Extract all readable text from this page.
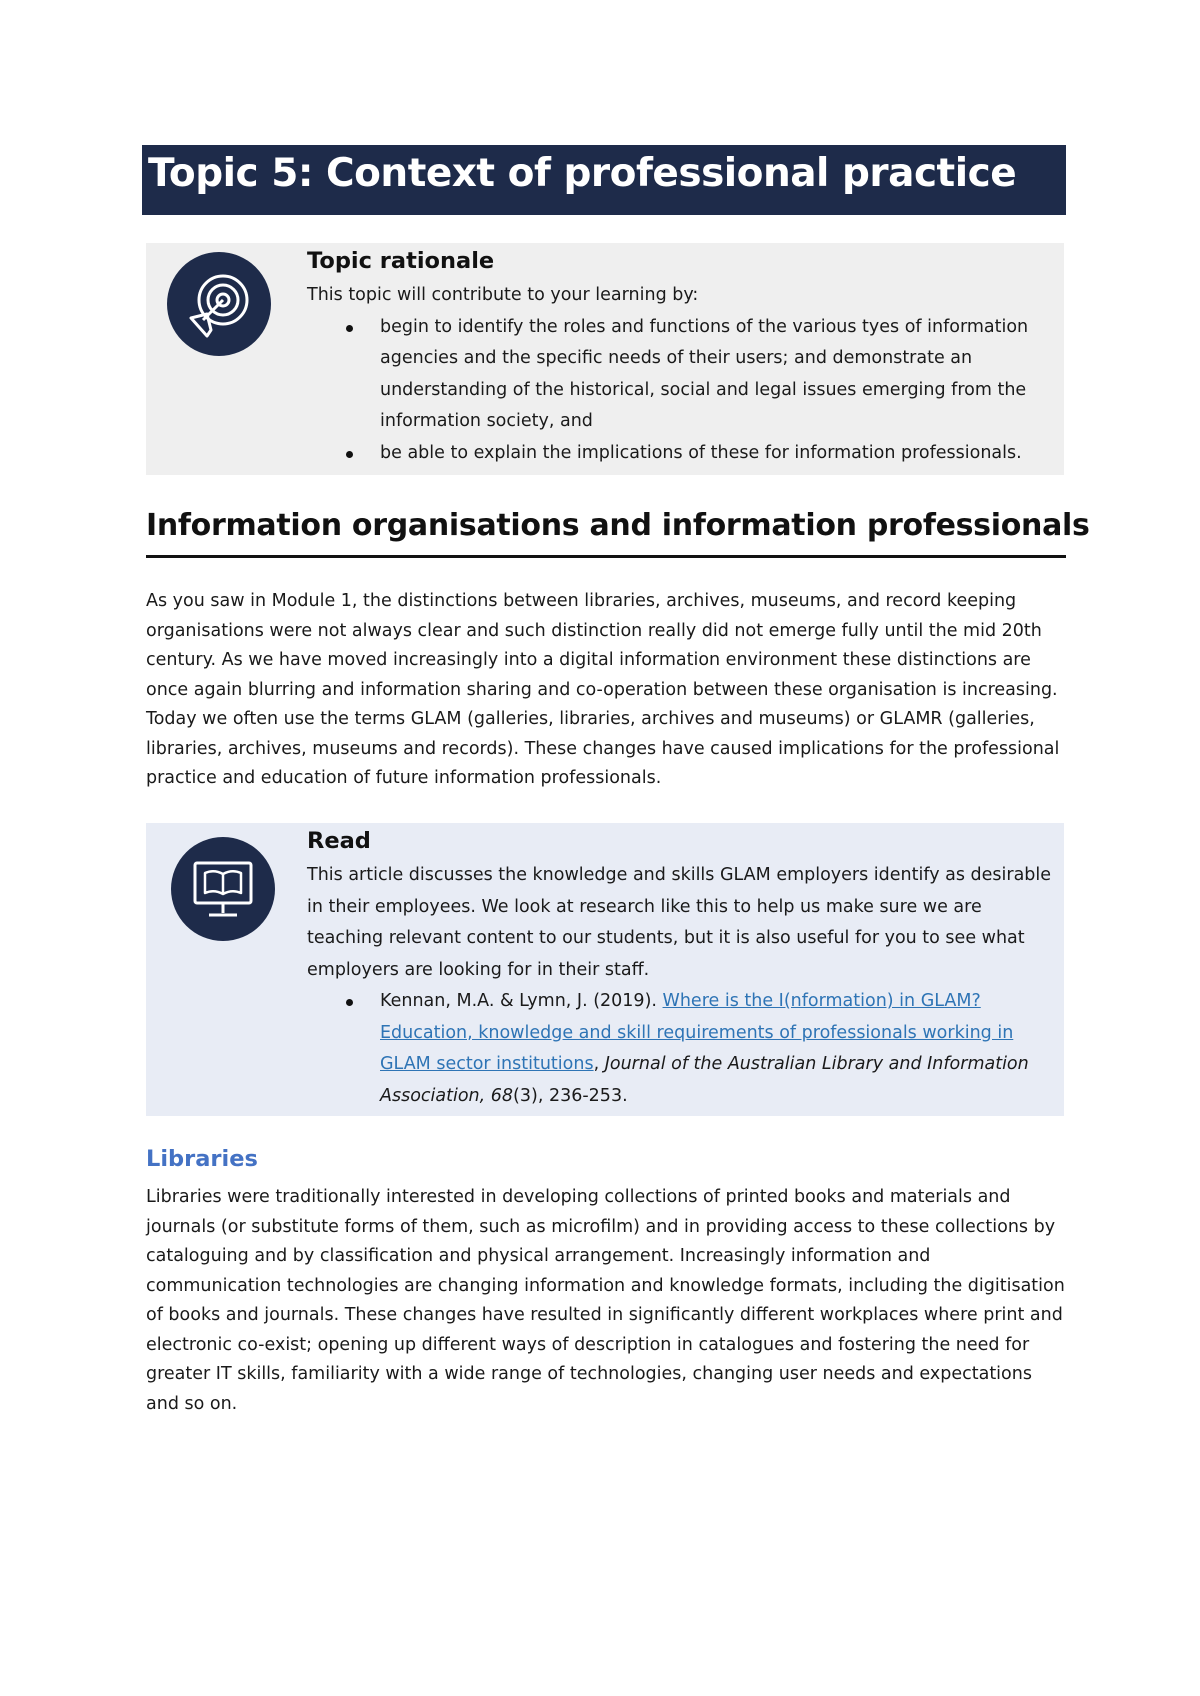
Topic 5: Context of professional practice
Topic rationale

This topic will contribute to your learning by:

begin to identify the roles and functions of the various tyes of information agencies and the specific needs of their users; and demonstrate an understanding of the historical, social and legal issues emerging from the information society, and
be able to explain the implications of these for information professionals.
Information organisations and information professionals

As you saw in Module 1, the distinctions between libraries, archives, museums, and record keeping organisations were not always clear and such distinction really did not emerge fully until the mid 20th century. As we have moved increasingly into a digital information environment these distinctions are once again blurring and information sharing and co-operation between these organisation is increasing. Today we often use the terms GLAM (galleries, libraries, archives and museums) or GLAMR (galleries, libraries, archives, museums and records). These changes have caused implications for the professional practice and education of future information professionals.

Read

This article discusses the knowledge and skills GLAM employers identify as desirable in their employees. We look at research like this to help us make sure we are teaching relevant content to our students, but it is also useful for you to see what employers are looking for in their staff.

Kennan, M.A. & Lymn, J. (2019). Where is the I(nformation) in GLAM? Education, knowledge and skill requirements of professionals working in GLAM sector institutions, Journal of the Australian Library and Information Association, 68(3), 236-253.
Libraries

Libraries were traditionally interested in developing collections of printed books and materials and journals (or substitute forms of them, such as microfilm) and in providing access to these collections by cataloguing and by classification and physical arrangement. Increasingly information and communication technologies are changing information and knowledge formats, including the digitisation of books and journals. These changes have resulted in significantly different workplaces where print and electronic co-exist; opening up different ways of description in catalogues and fostering the need for greater IT skills, familiarity with a wide range of technologies, changing user needs and expectations and so on.
